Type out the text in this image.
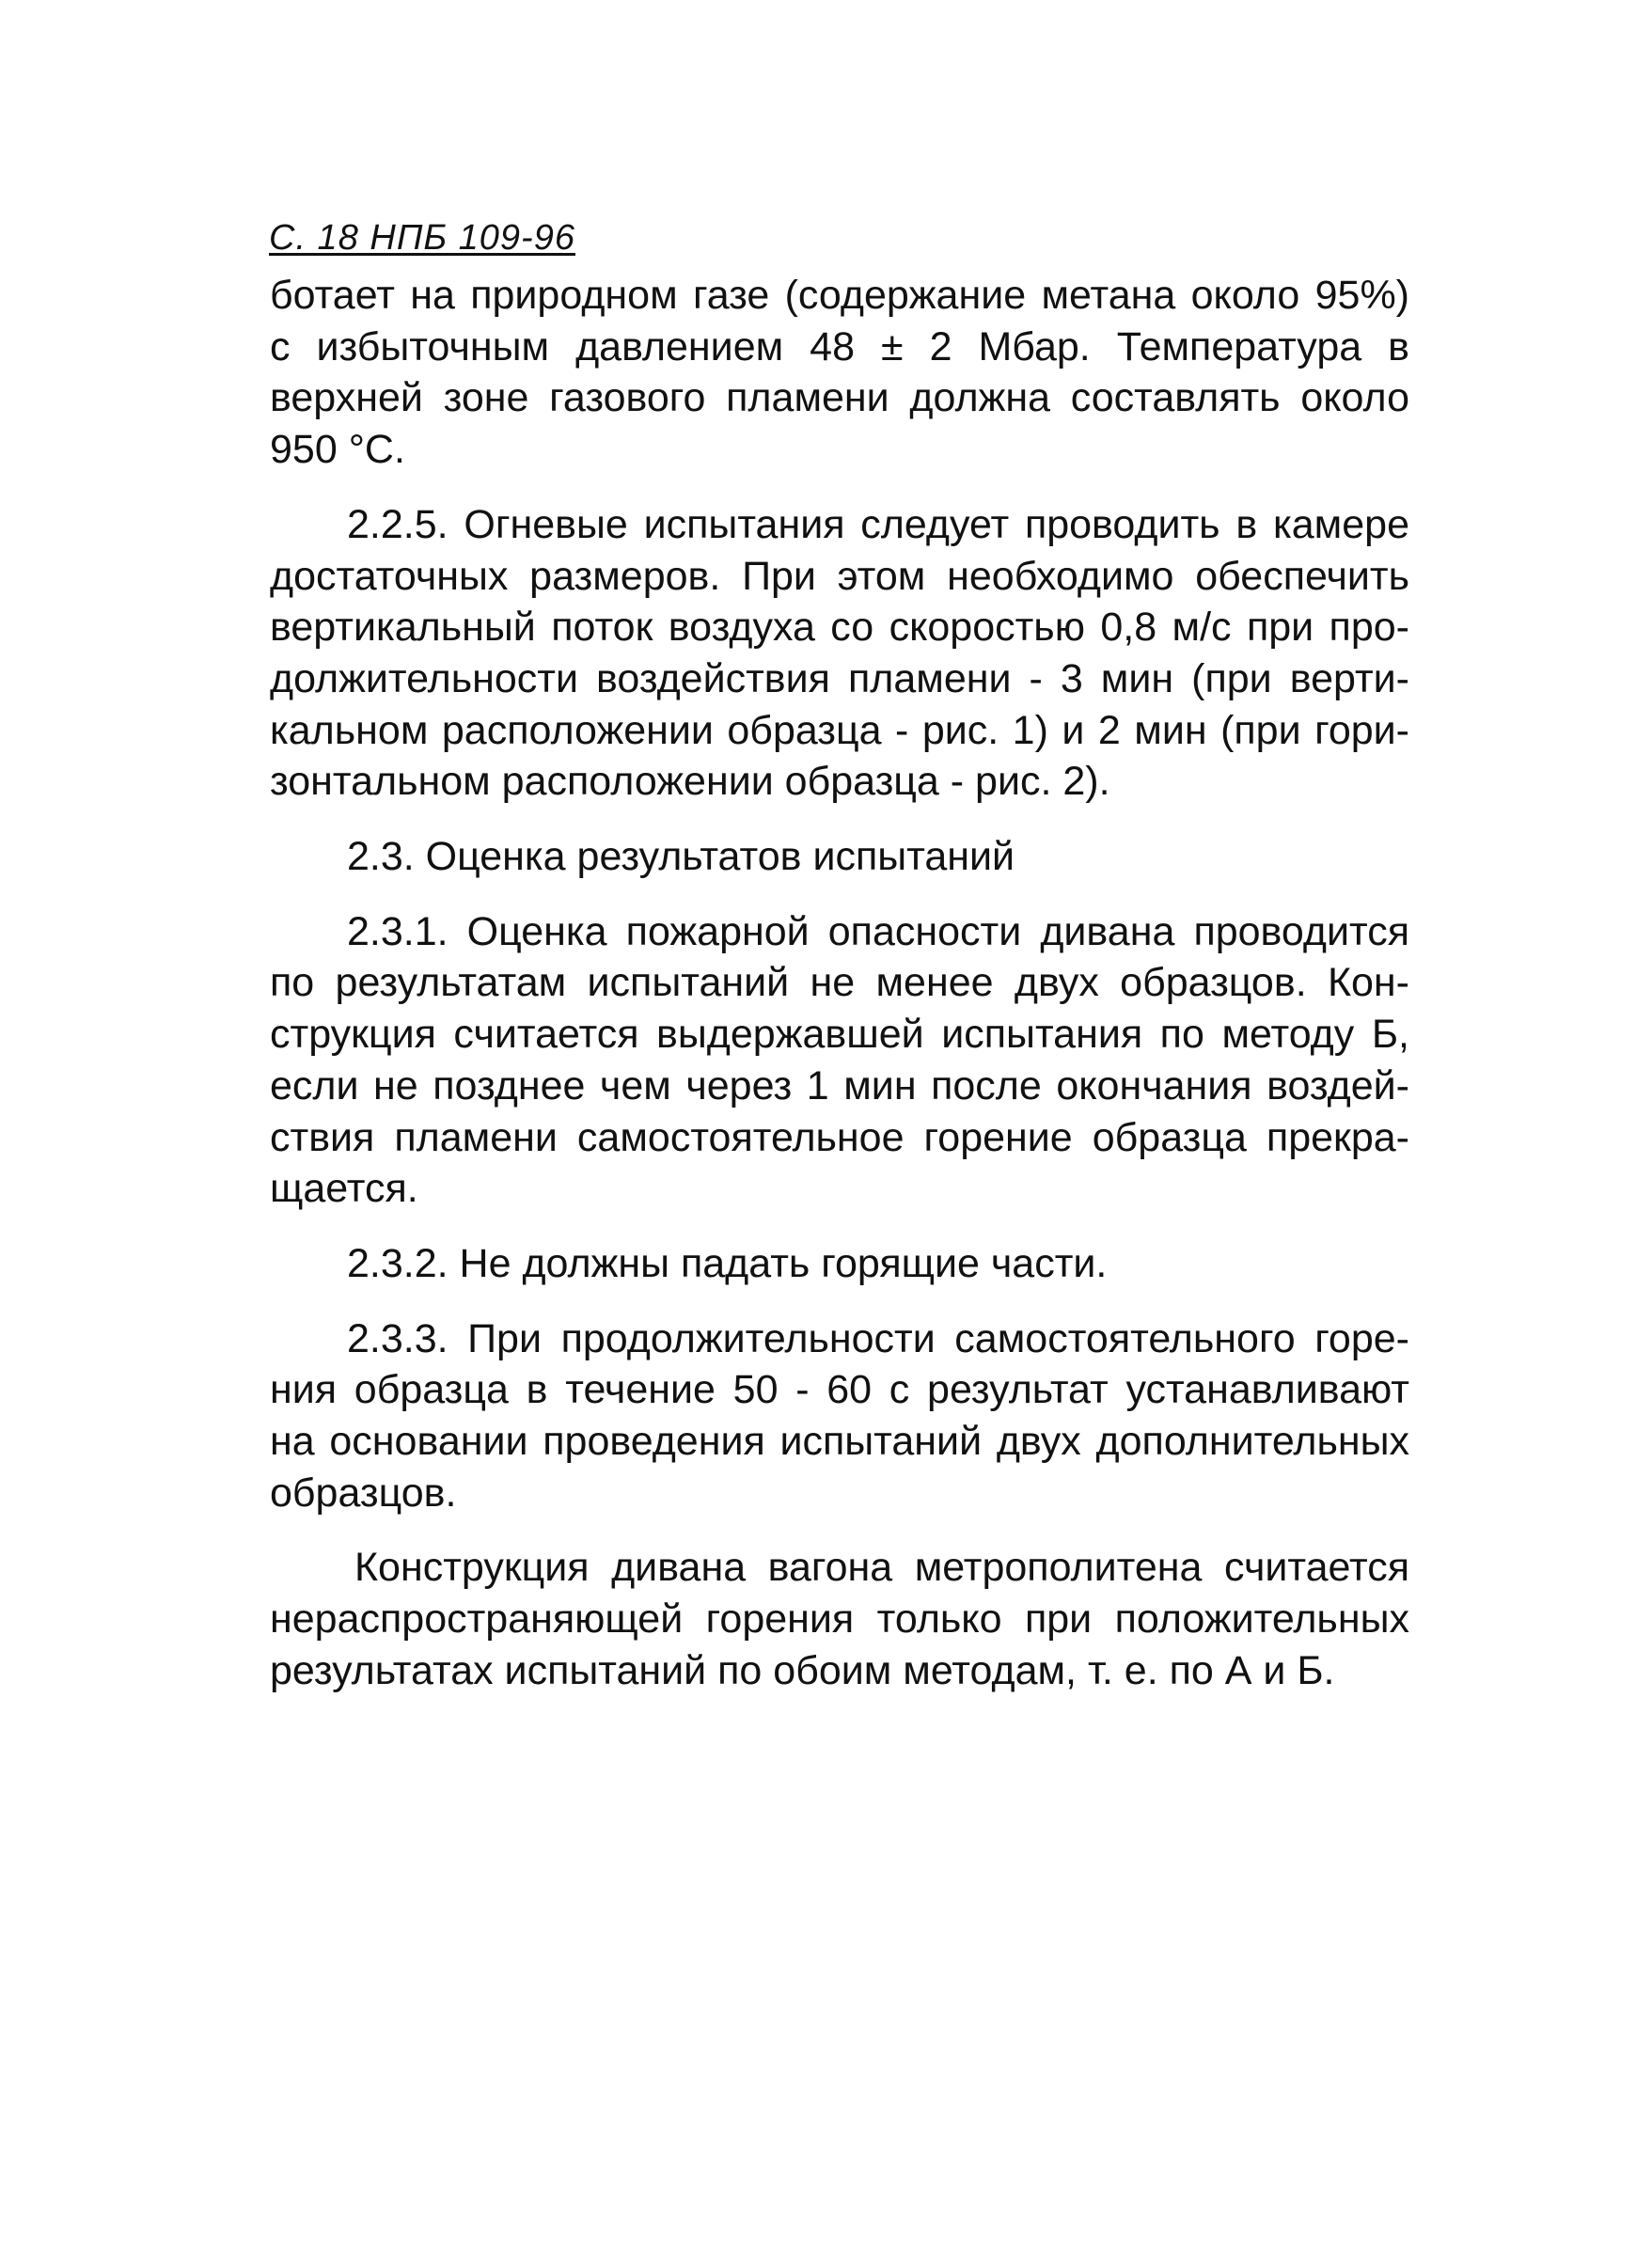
С. 18 НПБ 109-96
ботает на природном газе (содержание метана около 95%)
с избыточным давлением 48 ± 2 Мбар. Температура в
верхней зоне газового пламени должна составлять около
950 °С.
2.2.5. Огневые испытания следует проводить в камере
достаточных размеров. При этом необходимо обеспечить
вертикальный поток воздуха со скоростью 0,8 м/с при про-
должительности воздействия пламени - 3 мин (при верти-
кальном расположении образца - рис. 1) и 2 мин (при гори-
зонтальном расположении образца - рис. 2).
2.3. Оценка результатов испытаний
2.3.1. Оценка пожарной опасности дивана проводится
по результатам испытаний не менее двух образцов. Кон-
струкция считается выдержавшей испытания по методу Б,
если не позднее чем через 1 мин после окончания воздей-
ствия пламени самостоятельное горение образца прекра-
щается.
2.3.2. Не должны падать горящие части.
2.3.3. При продолжительности самостоятельного горе-
ния образца в течение 50 - 60 с результат устанавливают
на основании проведения испытаний двух дополнительных
образцов.
Конструкция дивана вагона метрополитена считается
нераспространяющей горения только при положительных
результатах испытаний по обоим методам, т. е. по А и Б.
